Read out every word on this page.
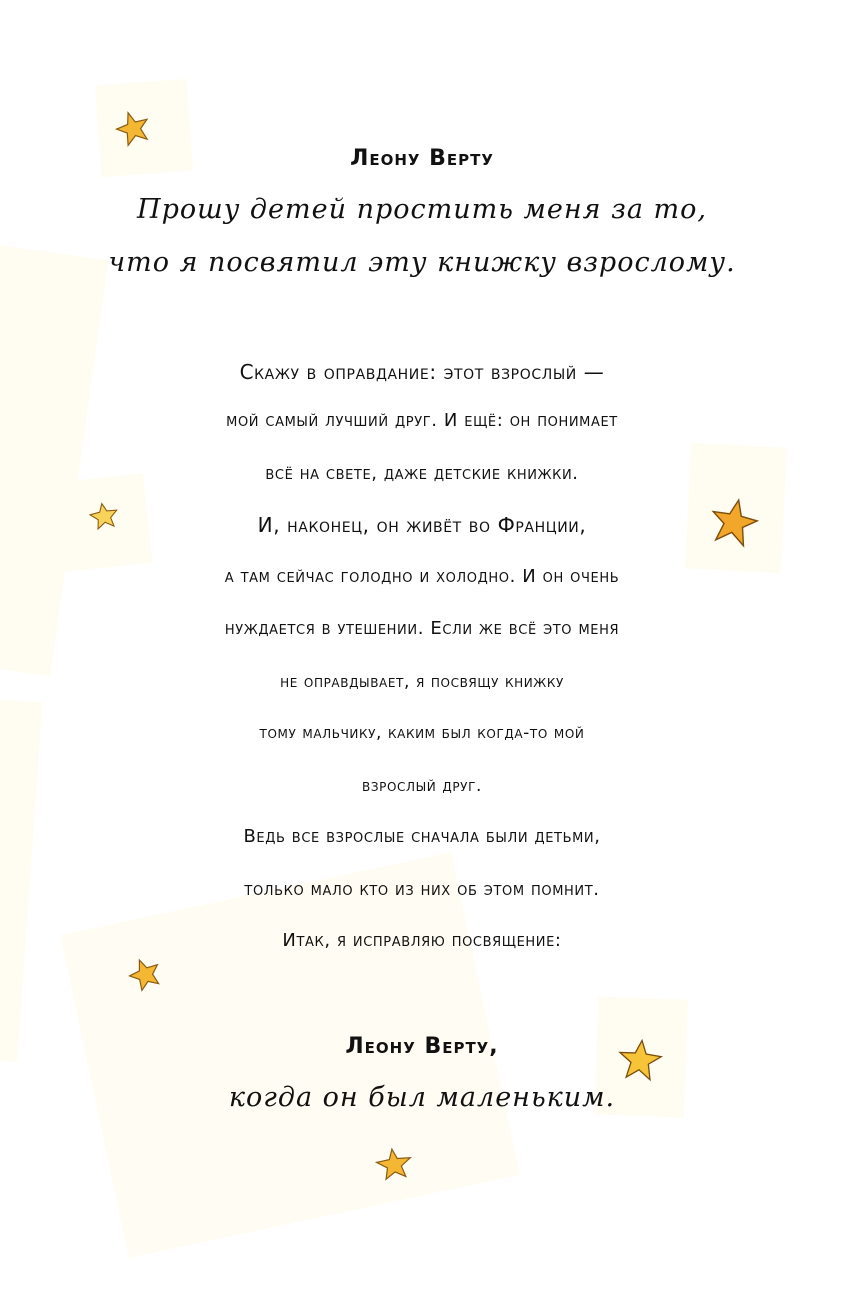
Леону Верту
Прошу детей простить меня за то,
что я посвятил эту книжку взрослому.
Скажу в оправдание: этот взрослый —
мой самый лучший друг. И ещё: он понимает
всё на свете, даже детские книжки.
И, наконец, он живёт во Франции,
а там сейчас голодно и холодно. И он очень
нуждается в утешении. Если же всё это меня
не оправдывает, я посвящу книжку
тому мальчику, каким был когда-то мой
взрослый друг.
Ведь все взрослые сначала были детьми,
только мало кто из них об этом помнит.
Итак, я исправляю посвящение:
Леону Верту,
когда он был маленьким.
